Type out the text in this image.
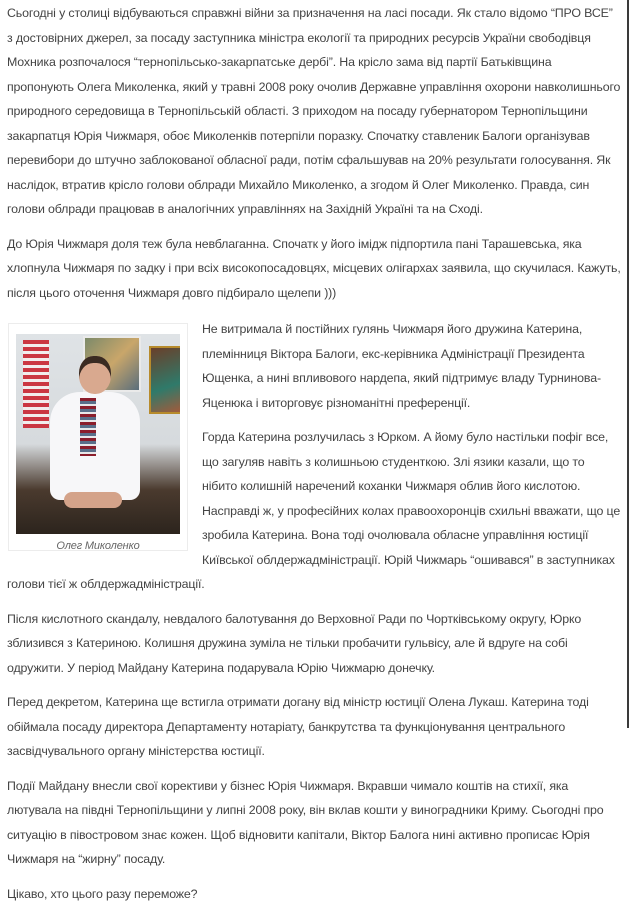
Сьогодні у столиці відбуваються справжні війни за призначення на ласі посади. Як стало відомо “ПРО ВСЕ” з достовірних джерел, за посаду заступника міністра екології та природних ресурсів України свободівця Мохника розпочалося “тернопільсько-закарпатське дербі”. На крісло зама від партії Батьківщина пропонують Олега Миколенка, який у травні 2008 року очолив Державне управління охорони навколишнього природного середовища в Тернопільській області. З приходом на посаду губернатором Тернопільщини закарпатця Юрія Чижмаря, обоє Миколенків потерпіли поразку. Спочатку ставленик Балоги організував перевибори до штучно заблокованої обласної ради, потім сфальшував на 20% результати голосування. Як наслідок, втратив крісло голови облради Михайло Миколенко, а згодом й Олег Миколенко. Правда, син голови облради працював в аналогічних управліннях на Західній Україні та на Сході.

До Юрія Чижмаря доля теж була невблаганна. Спочатк у його імідж підпортила пані Тарашевська, яка хлопнула Чижмаря по задку і при всіх високопосадовцях, місцевих олігархах заявила, що скучилася. Кажуть, після цього оточення Чижмаря довго підбирало щелепи )))

Олег Миколенко

Не витримала й постійних гулянь Чижмаря його дружина Катерина, племінниця Віктора Балоги, екс-керівника Адміністрації Президента Ющенка, а нині впливового нардепа, який підтримує владу Турнинова-Яценюка і виторговує різноманітні преференції.

Горда Катерина розлучилась з Юрком. А йому було настільки пофіг все, що загуляв навіть з колишньою студенткою. Злі язики казали, що то нібито колишній наречений коханки Чижмаря облив його кислотою. Насправді ж, у професійних колах правоохоронців схильні вважати, що це зробила Катерина. Вона тоді очолювала обласне управління юстиції Київської облдержадміністрації. Юрій Чижмарь “ошивався” в заступниках голови тієї ж облдержадміністрації.

Після кислотного скандалу, невдалого балотування до Верховної Ради по Чортківському округу, Юрко зблизився з Катериною. Колишня дружина зуміла не тільки пробачити гульвісу, але й вдруге на собі одружити. У період Майдану Катерина подарувала Юрію Чижмарю донечку.

Перед декретом, Катерина ще встигла отримати догану від міністр юстиції Олена Лукаш. Катерина тоді обіймала посаду директора Департаменту нотаріату, банкрутства та функціонування центрального засвідчувального органу міністерства юстиції.

Події Майдану внесли свої корективи у бізнес Юрія Чижмаря. Вкравши чимало коштів на стихії, яка лютувала на півдні Тернопільщини у липні 2008 року, він вклав кошти у виноградники Криму. Сьогодні про ситуацію в півостровом знає кожен. Щоб відновити капітали, Віктор Балога нині активно прописає Юрія Чижмаря на “жирну” посаду.

Цікаво, хто цього разу переможе?
